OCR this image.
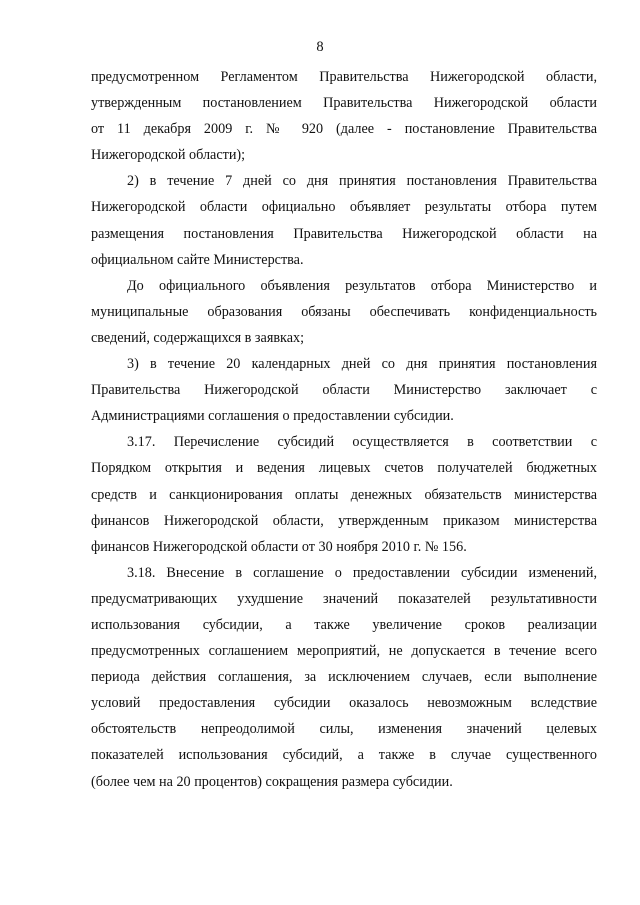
8
предусмотренном Регламентом Правительства Нижегородской области,
утвержденным постановлением Правительства Нижегородской области
от 11 декабря 2009 г. № 920 (далее - постановление Правительства
Нижегородской области);
2) в течение 7 дней со дня принятия постановления Правительства
Нижегородской области официально объявляет результаты отбора путем
размещения постановления Правительства Нижегородской области на
официальном сайте Министерства.
До официального объявления результатов отбора Министерство и
муниципальные образования обязаны обеспечивать конфиденциальность
сведений, содержащихся в заявках;
3) в течение 20 календарных дней со дня принятия постановления
Правительства Нижегородской области Министерство заключает с
Администрациями соглашения о предоставлении субсидии.
3.17. Перечисление субсидий осуществляется в соответствии с
Порядком открытия и ведения лицевых счетов получателей бюджетных
средств и санкционирования оплаты денежных обязательств министерства
финансов Нижегородской области, утвержденным приказом министерства
финансов Нижегородской области от 30 ноября 2010 г. № 156.
3.18. Внесение в соглашение о предоставлении субсидии изменений,
предусматривающих ухудшение значений показателей результативности
использования субсидии, а также увеличение сроков реализации
предусмотренных соглашением мероприятий, не допускается в течение всего
периода действия соглашения, за исключением случаев, если выполнение
условий предоставления субсидии оказалось невозможным вследствие
обстоятельств непреодолимой силы, изменения значений целевых
показателей использования субсидий, а также в случае существенного
(более чем на 20 процентов) сокращения размера субсидии.
